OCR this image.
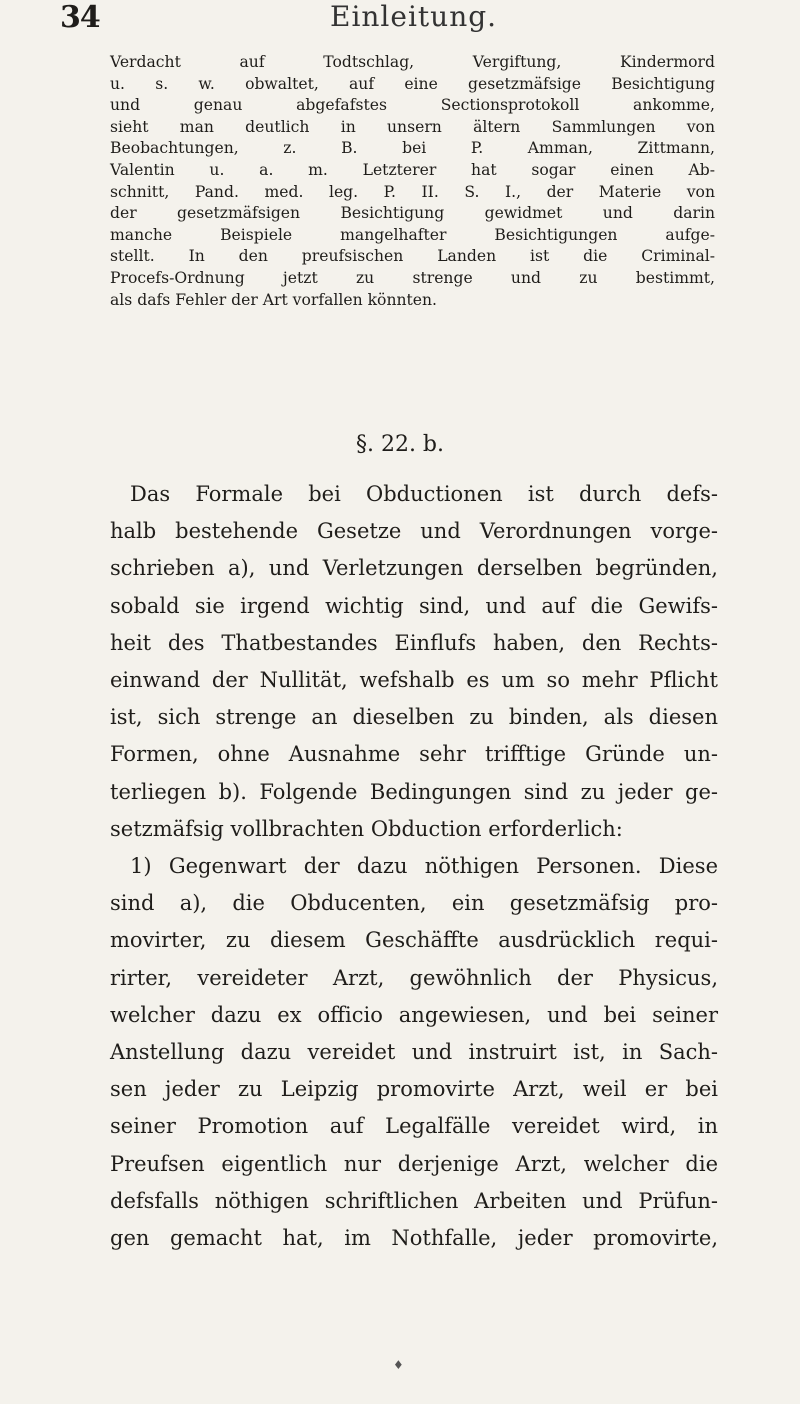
34	Einleitung.
Verdacht auf Todtschlag, Vergiftung, Kindermord
u. s. w. obwaltet, auf eine gesetzmäfsige Besichtigung
und genau abgefafstes Sectionsprotokoll ankomme,
sieht man deutlich in unsern ältern Sammlungen von
Beobachtungen, z. B. bei P. Amman, Zittmann,
Valentin u. a. m. Letzterer hat sogar einen Ab-
schnitt, Pand. med. leg. P. II. S. I., der Materie von
der gesetzmäfsigen Besichtigung gewidmet und darin
manche Beispiele mangelhafter Besichtigungen aufge-
stellt. In den preufsischen Landen ist die Criminal-
Procefs-Ordnung jetzt zu strenge und zu bestimmt,
als dafs Fehler der Art vorfallen könnten.
§. 22. b.

Das Formale bei Obductionen ist durch defs-
halb bestehende Gesetze und Verordnungen vorge-
schrieben a), und Verletzungen derselben begründen,
sobald sie irgend wichtig sind, und auf die Gewifs-
heit des Thatbestandes Einflufs haben, den Rechts-
einwand der Nullität, wefshalb es um so mehr Pflicht
ist, sich strenge an dieselben zu binden, als diesen
Formen, ohne Ausnahme sehr trifftige Gründe un-
terliegen b). Folgende Bedingungen sind zu jeder ge-
setzmäfsig vollbrachten Obduction erforderlich:

1) Gegenwart der dazu nöthigen Personen. Diese
sind a), die Obducenten, ein gesetzmäfsig pro-
movirter, zu diesem Geschäffte ausdrücklich requi-
rirter, vereideter Arzt, gewöhnlich der Physicus,
welcher dazu ex officio angewiesen, und bei seiner
Anstellung dazu vereidet und instruirt ist, in Sach-
sen jeder zu Leipzig promovirte Arzt, weil er bei
seiner Promotion auf Legalfälle vereidet wird, in
Preufsen eigentlich nur derjenige Arzt, welcher die
defsfalls nöthigen schriftlichen Arbeiten und Prüfun-
gen gemacht hat, im Nothfalle, jeder promovirte,

♦
